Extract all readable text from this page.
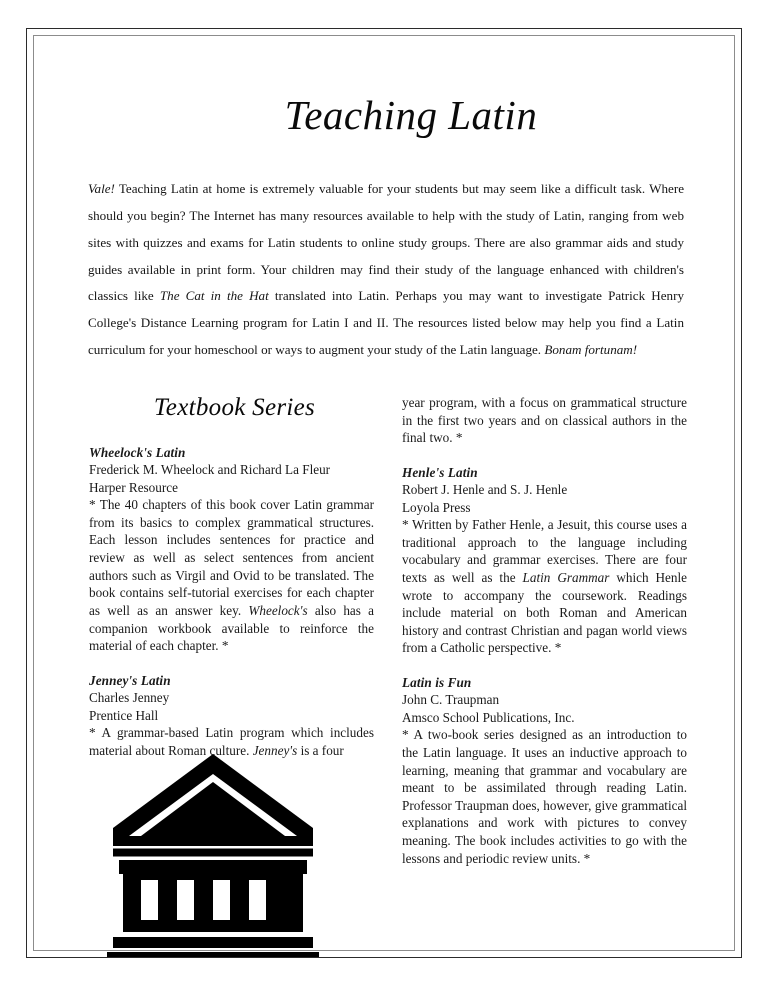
Teaching Latin

Vale! Teaching Latin at home is extremely valuable for your students but may seem like a difficult task. Where should you begin? The Internet has many resources available to help with the study of Latin, ranging from web sites with quizzes and exams for Latin students to online study groups. There are also grammar aids and study guides available in print form. Your children may find their study of the language enhanced with children's classics like The Cat in the Hat translated into Latin. Perhaps you may want to investigate Patrick Henry College's Distance Learning program for Latin I and II. The resources listed below may help you find a Latin curriculum for your homeschool or ways to augment your study of the Latin language. Bonam fortunam!

Textbook Series
Wheelock's Latin
Frederick M. Wheelock and Richard La Fleur
Harper Resource

* The 40 chapters of this book cover Latin grammar from its basics to complex grammatical structures. Each lesson includes sentences for practice and review as well as select sentences from ancient authors such as Virgil and Ovid to be translated. The book contains self-tutorial exercises for each chapter as well as an answer key. Wheelock's also has a companion workbook available to reinforce the material of each chapter. *

Jenney's Latin
Charles Jenney
Prentice Hall

* A grammar-based Latin program which includes material about Roman culture. Jenney's is a four

year program, with a focus on grammatical structure in the first two years and on classical authors in the final two. *

Henle's Latin
Robert J. Henle and S. J. Henle
Loyola Press

* Written by Father Henle, a Jesuit, this course uses a traditional approach to the language including vocabulary and grammar exercises. There are four texts as well as the Latin Grammar which Henle wrote to accompany the coursework. Readings include material on both Roman and American history and contrast Christian and pagan world views from a Catholic perspective. *

Latin is Fun
John C. Traupman
Amsco School Publications, Inc.

* A two-book series designed as an introduction to the Latin language. It uses an inductive approach to learning, meaning that grammar and vocabulary are meant to be assimilated through reading Latin. Professor Traupman does, however, give grammatical explanations and work with pictures to convey meaning. The book includes activities to go with the lessons and periodic review units. *
